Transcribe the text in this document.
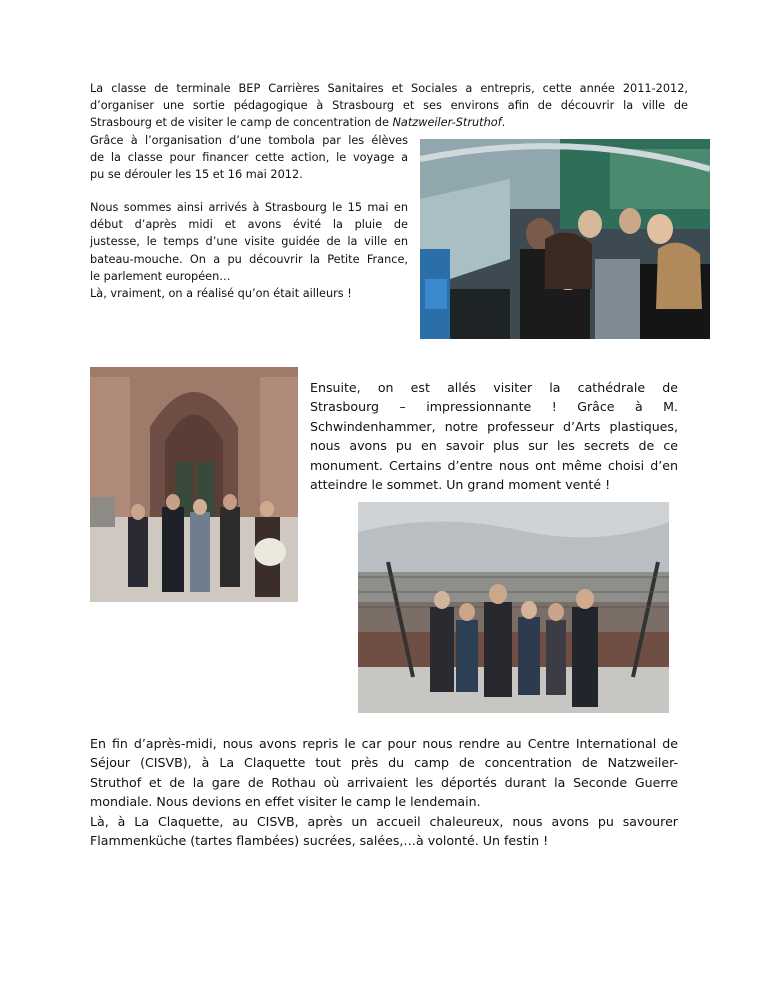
La classe de terminale BEP Carrières Sanitaires et Sociales a entrepris, cette année 2011-2012,
d’organiser une sortie pédagogique à Strasbourg et ses environs afin de découvrir la ville de
Strasbourg et de visiter le camp de concentration de Natzweiler-Struthof.
Grâce à l’organisation d’une tombola par les élèves
de la classe pour financer cette action, le voyage a
pu se dérouler les 15 et 16 mai 2012.
Nous sommes ainsi arrivés à Strasbourg le 15 mai en
début d’après midi et avons évité la pluie de
justesse, le temps d’une visite guidée de la ville en
bateau-mouche. On a pu découvrir la Petite France,
le parlement européen…
Là, vraiment, on a réalisé qu’on était ailleurs !
Ensuite, on est allés visiter la cathédrale de
Strasbourg – impressionnante ! Grâce à M.
Schwindenhammer, notre professeur d’Arts plastiques,
nous avons pu en savoir plus sur les secrets de ce
monument. Certains d’entre nous ont même choisi d’en
atteindre le sommet. Un grand moment venté !
En fin d’après-midi, nous avons repris le car pour nous rendre au Centre International de
Séjour (CISVB), à La Claquette tout près du camp de concentration de Natzweiler-
Struthof et de la gare de Rothau où arrivaient les déportés durant la Seconde Guerre
mondiale. Nous devions en effet visiter le camp le lendemain.
Là, à La Claquette, au CISVB, après un accueil chaleureux, nous avons pu savourer
Flammenküche (tartes flambées) sucrées, salées,…à volonté. Un festin !
